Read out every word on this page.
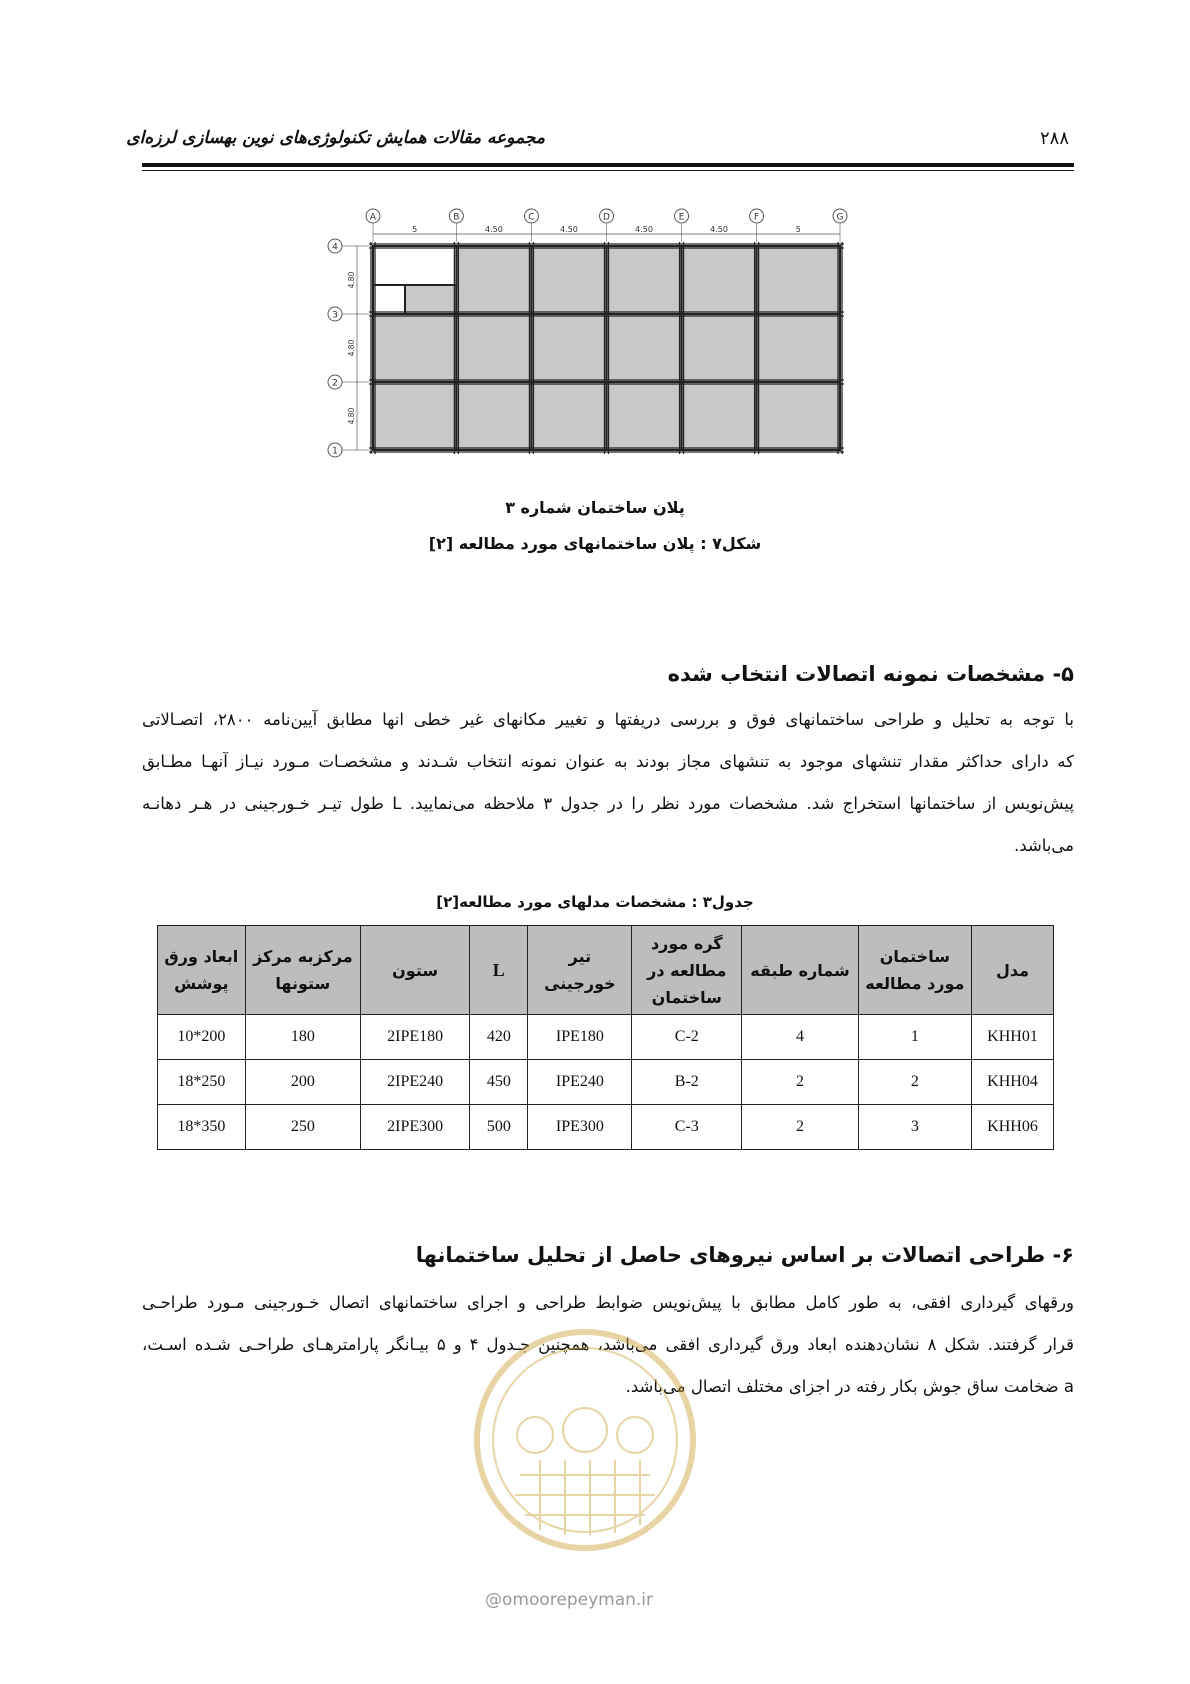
مجموعه مقالات همایش تکنولوژی‌های نوین بهسازی لرزه‌ای	۲۸۸
A	B	C	D	E	F	G
5	4.50	4.50	4.50	4.50	5
4
3
2
1
4.80
4.80
4.80
پلان ساختمان شماره ۳
شکل۷ : پلان ساختمانهای مورد مطالعه [۲]
۵- مشخصات نمونه اتصالات انتخاب شده
با توجه به تحلیل و طراحی ساختمانهای فوق و بررسی دریفتها و تغییر مکانهای غیر خطی انها مطابق آیین‌نامه ۲۸۰۰، اتصـالاتی
که دارای حداکثر مقدار تنشهای موجود به تنشهای مجاز بودند به عنوان نمونه انتخاب شـدند و مشخصـات مـورد نیـاز آنهـا مطـابق
پیش‌نویس از ساختمانها استخراج شد. مشخصات مورد نظر را در جدول ۳ ملاحظه می‌نمایید. L طول تیـر خـورجینی در هـر دهانـه
می‌باشد.
جدول۳ : مشخصات مدلهای مورد مطالعه[۲]
مدل	ساختمان مورد مطالعه	شماره طبقه	گره مورد مطالعه در ساختمان	تیر خورجینی	L	ستون	مرکزبه مرکز ستونها	ابعاد ورق پوشش
KHH01	1	4	C-2	IPE180	420	2IPE180	180	200*10
KHH04	2	2	B-2	IPE240	450	2IPE240	200	250*18
KHH06	3	2	C-3	IPE300	500	2IPE300	250	350*18
۶- طراحی اتصالات بر اساس نیروهای حاصل از تحلیل ساختمانها
ورقهای گیرداری افقی، به طور کامل مطابق با پیش‌نویس ضوابط طراحی و اجرای ساختمانهای اتصال خـورجینی مـورد طراحـی
قرار گرفتند. شکل ۸ نشان‌دهنده ابعاد ورق گیرداری افقی می‌باشد، همچنین جـدول ۴ و ۵ بیـانگر پارامترهـای طراحـی شـده اسـت،
a ضخامت ساق جوش بکار رفته در اجزای مختلف اتصال می‌باشد.
@omoorepeyman.ir
